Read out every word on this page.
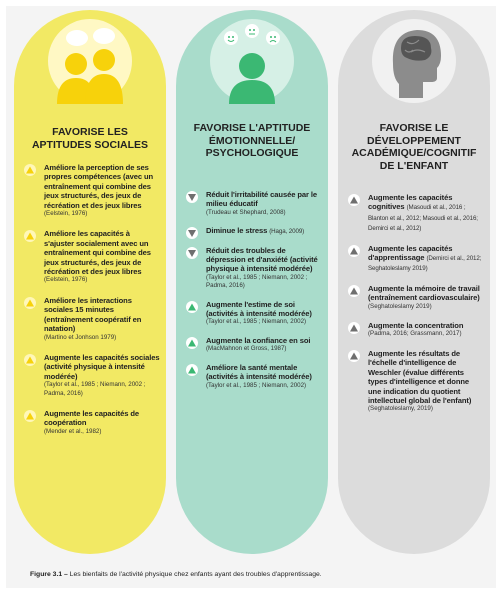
FAVORISE LES APTITUDES SOCIALES
Améliore la perception de ses propres compétences (avec un entraînement qui combine des jeux structurés, des jeux de récréation et des jeux libres
(Eelstein, 1976)
Améliore les capacités à s'ajuster socialement avec un entraînement qui combine des jeux structurés, des jeux de récréation et des jeux libres
(Eelstein, 1976)
Améliore les interactions sociales 15 minutes (entraînement coopératif en natation)
(Martino et Jonhson 1979)
Augmente les capacités sociales (activité physique à intensité modérée)
(Taylor et al., 1985 ; Niemann, 2002 ; Padma, 2016)
Augmente les capacités de coopération
(Mender et al., 1982)
FAVORISE L'APTITUDE ÉMOTIONNELLE/ PSYCHOLOGIQUE
Réduit l'irritabilité causée par le milieu éducatif
(Trudeau et Shephard, 2008)
Diminue le stress (Haga, 2009)
Réduit des troubles de dépression et d'anxiété (activité physique à intensité modérée)
(Taylor et al., 1985 ; Niemann, 2002 ; Padma, 2016)
Augmente l'estime de soi (activités à intensité modérée)
(Taylor et al., 1985 ; Niemann, 2002)
Augmente la confiance en soi
(MacMahnon et Gross, 1987)
Améliore la santé mentale (activités à intensité modérée)
(Taylor et al., 1985 ; Niemann, 2002)
FAVORISE LE DÉVELOPPEMENT ACADÉMIQUE/COGNITIF DE L'ENFANT
Augmente les capacités cognitives (Masoudi et al., 2016 ; Blanton et al., 2012; Masoudi et al., 2016; Demirci et al., 2012)
Augmente les capacités d'apprentissage (Demirci et al., 2012; Seghatoleslamy 2019)
Augmente la mémoire de travail (entraînement cardiovasculaire)
(Seghatoleslamy 2019)
Augmente la concentration
(Padma, 2016; Grassmann, 2017)
Augmente les résultats de l'échelle d'intelligence de Weschler (évalue différents types d'intelligence et donne une indication du quotient intellectuel global de l'enfant)
(Seghatoleslamy, 2019)
Figure 3.1 – Les bienfaits de l'activité physique chez enfants ayant des troubles d'apprentissage.
